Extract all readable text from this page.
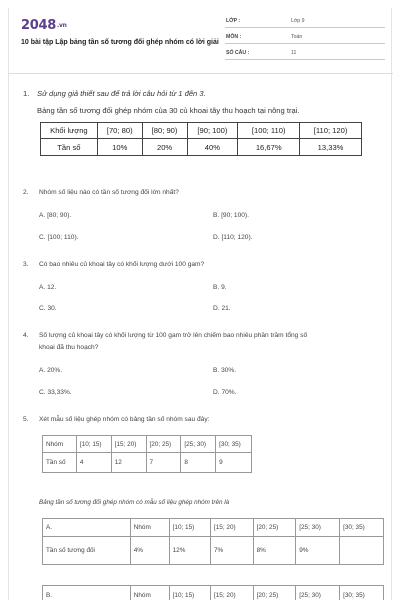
2048.vn
10 bài tập Lập bảng tần số tương đối ghép nhóm có lời giải
LỚP :	Lớp 9
MÔN :	Toán
SỐ CÂU :	11
1. Sử dụng giả thiết sau để trả lời câu hỏi từ 1 đến 3.
Bảng tần số tương đối ghép nhóm của 30 củ khoai tây thu hoạch tại nông trại.
Khối lượng	[70; 80)	[80; 90)	[90; 100)	[100; 110)	[110; 120)
Tần số	10%	20%	40%	16,67%	13,33%
2. Nhóm số liệu nào có tần số tương đối lớn nhất?
A. [80; 90).	B. [90; 100).
C. [100; 110).	D. [110; 120).
3. Có bao nhiêu củ khoai tây có khối lượng dưới 100 gam?
A. 12.	B. 9.
C. 30.	D. 21.
4. Số lượng củ khoai tây có khối lượng từ 100 gam trở lên chiếm bao nhiêu phần trăm tổng số
khoai đã thu hoạch?
A. 20%.	B. 30%.
C. 33,33%.	D. 70%.
5. Xét mẫu số liệu ghép nhóm có bảng tần số nhóm sau đây:
Nhóm	[10; 15)	[15; 20)	[20; 25)	[25; 30)	[30; 35)
Tần số	4	12	7	8	9
Bảng tần số tương đối ghép nhóm có mẫu số liệu ghép nhóm trên là
A.	Nhóm	[10; 15)	[15; 20)	[20; 25)	[25; 30)	[30; 35)
Tần số tương đối	4%	12%	7%	8%	9%	
B.	Nhóm	[10; 15)	[15; 20)	[20; 25)	[25; 30)	[30; 35)
